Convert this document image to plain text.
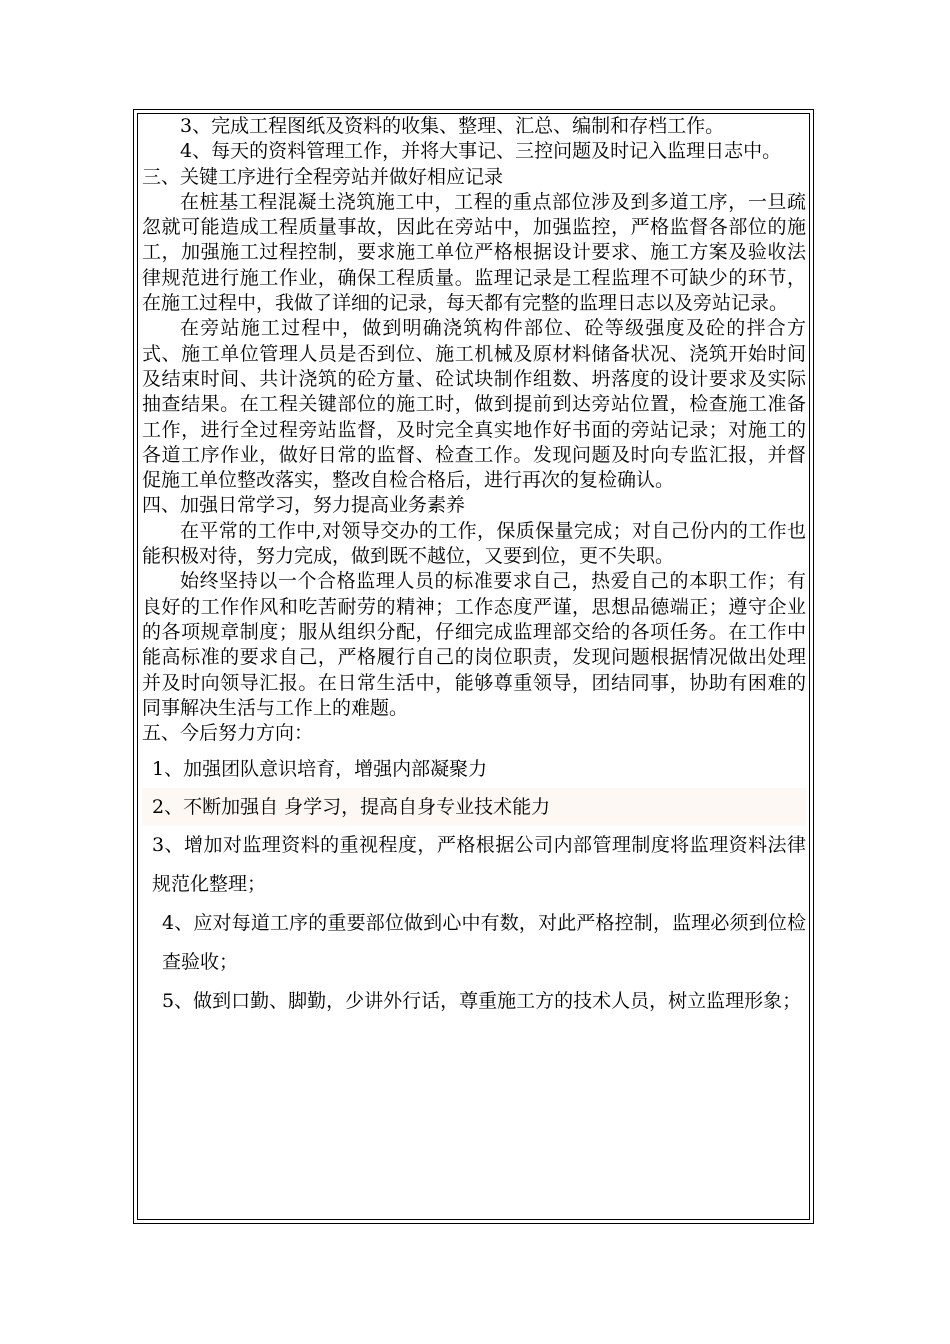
3、完成工程图纸及资料的收集、整理、汇总、编制和存档工作。

4、每天的资料管理工作，并将大事记、三控问题及时记入监理日志中。

三、关键工序进行全程旁站并做好相应记录

在桩基工程混凝土浇筑施工中，工程的重点部位涉及到多道工序，一旦疏忽就可能造成工程质量事故，因此在旁站中，加强监控，严格监督各部位的施工，加强施工过程控制，要求施工单位严格根据设计要求、施工方案及验收法律规范进行施工作业，确保工程质量。监理记录是工程监理不可缺少的环节，在施工过程中，我做了详细的记录，每天都有完整的监理日志以及旁站记录。

在旁站施工过程中，做到明确浇筑构件部位、砼等级强度及砼的拌合方式、施工单位管理人员是否到位、施工机械及原材料储备状况、浇筑开始时间及结束时间、共计浇筑的砼方量、砼试块制作组数、坍落度的设计要求及实际抽查结果。在工程关键部位的施工时，做到提前到达旁站位置，检查施工准备工作，进行全过程旁站监督，及时完全真实地作好书面的旁站记录；对施工的各道工序作业，做好日常的监督、检查工作。发现问题及时向专监汇报，并督促施工单位整改落实，整改自检合格后，进行再次的复检确认。

四、加强日常学习，努力提高业务素养

在平常的工作中,对领导交办的工作，保质保量完成；对自己份内的工作也能积极对待，努力完成，做到既不越位，又要到位，更不失职。

始终坚持以一个合格监理人员的标准要求自己，热爱自己的本职工作；有良好的工作作风和吃苦耐劳的精神；工作态度严谨，思想品德端正；遵守企业的各项规章制度；服从组织分配，仔细完成监理部交给的各项任务。在工作中能高标准的要求自己，严格履行自己的岗位职责，发现问题根据情况做出处理并及时向领导汇报。在日常生活中，能够尊重领导，团结同事，协助有困难的同事解决生活与工作上的难题。

五、今后努力方向：

1、加强团队意识培育，增强内部凝聚力

2、不断加强自 身学习，提高自身专业技术能力

3、增加对监理资料的重视程度，严格根据公司内部管理制度将监理资料法律规范化整理；

4、应对每道工序的重要部位做到心中有数，对此严格控制，监理必须到位检查验收；

5、做到口勤、脚勤，少讲外行话，尊重施工方的技术人员，树立监理形象；
